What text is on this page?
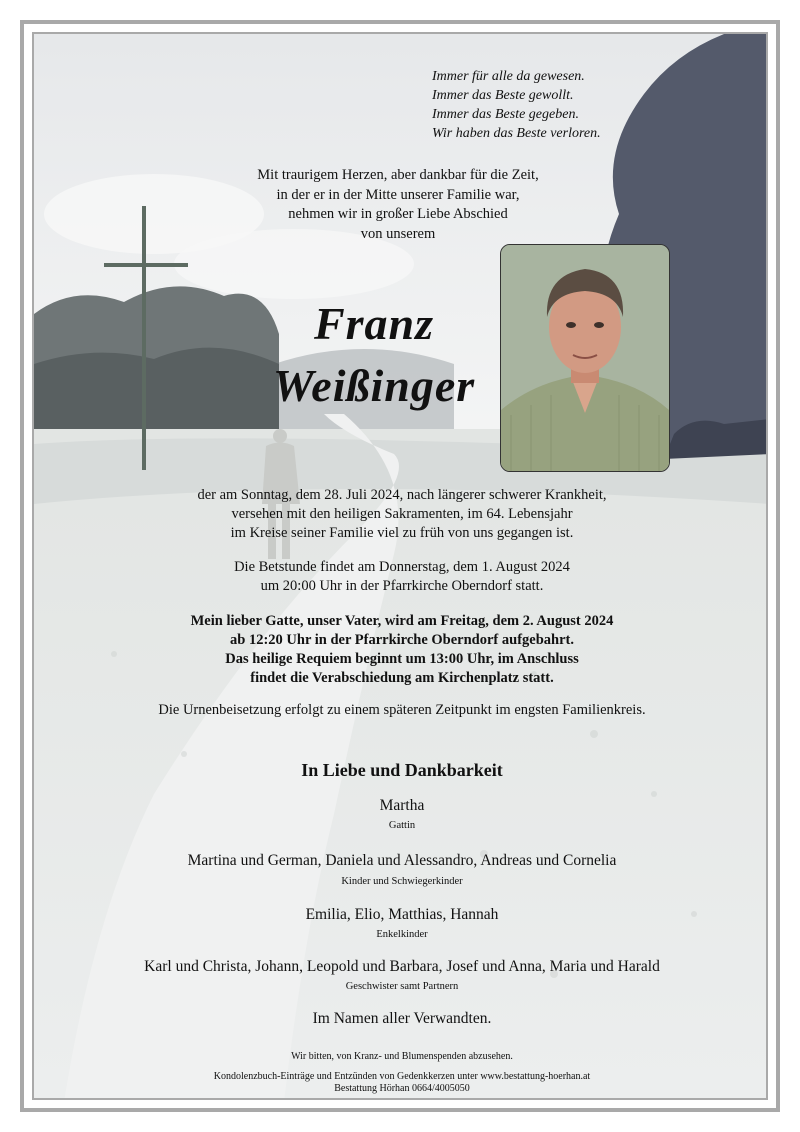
Immer für alle da gewesen.
Immer das Beste gewollt.
Immer das Beste gegeben.
Wir haben das Beste verloren.
Mit traurigem Herzen, aber dankbar für die Zeit,
in der er in der Mitte unserer Familie war,
nehmen wir in großer Liebe Abschied
von unserem
Franz
Weißinger
der am Sonntag, dem 28. Juli 2024, nach längerer schwerer Krankheit,
versehen mit den heiligen Sakramenten, im 64. Lebensjahr
im Kreise seiner Familie viel zu früh von uns gegangen ist.
Die Betstunde findet am Donnerstag, dem 1. August 2024
um 20:00 Uhr in der Pfarrkirche Oberndorf statt.
Mein lieber Gatte, unser Vater, wird am Freitag, dem 2. August 2024
ab 12:20 Uhr in der Pfarrkirche Oberndorf aufgebahrt.
Das heilige Requiem beginnt um 13:00 Uhr, im Anschluss
findet die Verabschiedung am Kirchenplatz statt.
Die Urnenbeisetzung erfolgt zu einem späteren Zeitpunkt im engsten Familienkreis.
In Liebe und Dankbarkeit
Martha
Gattin
Martina und German, Daniela und Alessandro, Andreas und Cornelia
Kinder und Schwiegerkinder
Emilia, Elio, Matthias, Hannah
Enkelkinder
Karl und Christa, Johann, Leopold und Barbara, Josef und Anna, Maria und Harald
Geschwister samt Partnern
Im Namen aller Verwandten.
Wir bitten, von Kranz- und Blumenspenden abzusehen.
Kondolenzbuch-Einträge und Entzünden von Gedenkkerzen unter www.bestattung-hoerhan.at
Bestattung Hörhan 0664/4005050
